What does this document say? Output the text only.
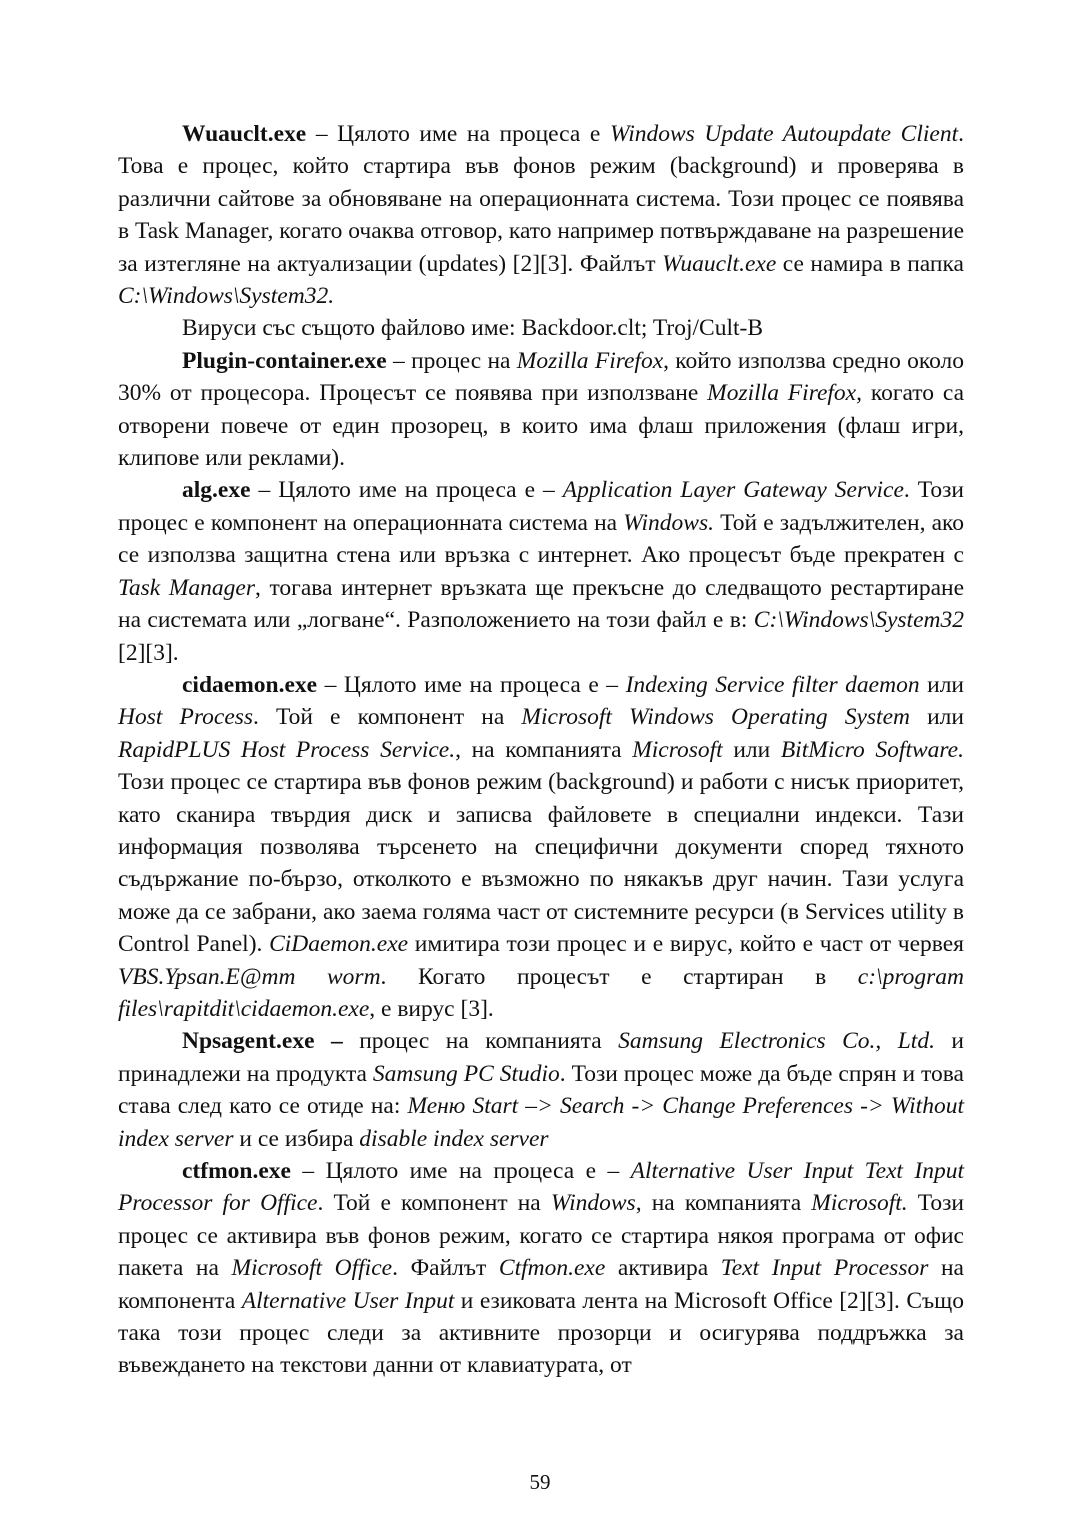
Wuauclt.exe – Цялото име на процеса е Windows Update Autoupdate Client. Това е процес, който стартира във фонов режим (background) и проверява в различни сайтове за обновяване на операционната система. Този процес се появява в Task Manager, когато очаква отговор, като например потвърждаване на разрешение за изтегляне на актуализации (updates) [2][3]. Файлът Wuauclt.exe се намира в папка C:\Windows\System32.

Вируси със същото файлово име: Backdoor.clt; Troj/Cult-B

Plugin-container.exe – процес на Mozilla Firefox, който използва средно около 30% от процесора. Процесът се появява при използване Mozilla Firefox, когато са отворени повече от един прозорец, в които има флаш приложения (флаш игри, клипове или реклами).

alg.exe – Цялото име на процеса е – Application Layer Gateway Service. Този процес е компонент на операционната система на Windows. Той е задължителен, ако се използва защитна стена или връзка с интернет. Ако процесът бъде прекратен с Task Manager, тогава интернет връзката ще прекъсне до следващото рестартиране на системата или „логване“. Разположението на този файл е в: C:\Windows\System32 [2][3].

cidaemon.exe – Цялото име на процеса е – Indexing Service filter daemon или Host Process. Той е компонент на Microsoft Windows Operating System или RapidPLUS Host Process Service., на компанията Microsoft или BitMicro Software. Този процес се стартира във фонов режим (background) и работи с нисък приоритет, като сканира твърдия диск и записва файловете в специални индекси. Тази информация позволява търсенето на специфични документи според тяхното съдържание по-бързо, отколкото е възможно по някакъв друг начин. Тази услуга може да се забрани, ако заема голяма част от системните ресурси (в Services utility в Control Panel). CiDaemon.exe имитира този процес и е вирус, който е част от червея VBS.Ypsan.E@mm worm. Когато процесът е стартиран в c:\program files\rapitdit\cidaemon.exe, е вирус [3].

Npsagent.exe – процес на компанията Samsung Electronics Co., Ltd. и принадлежи на продукта Samsung PC Studio. Този процес може да бъде спрян и това става след като се отиде на: Меню Start –> Search -> Change Preferences -> Without index server и се избира disable index server

ctfmon.exe – Цялото име на процеса е – Alternative User Input Text Input Processor for Office. Той е компонент на Windows, на компанията Microsoft. Този процес се активира във фонов режим, когато се стартира някоя програма от офис пакета на Microsoft Office. Файлът Ctfmon.exe активира Text Input Processor на компонента Alternative User Input и езиковата лента на Microsoft Office [2][3]. Също така този процес следи за активните прозорци и осигурява поддръжка за въвеждането на текстови данни от клавиатурата, от

59
